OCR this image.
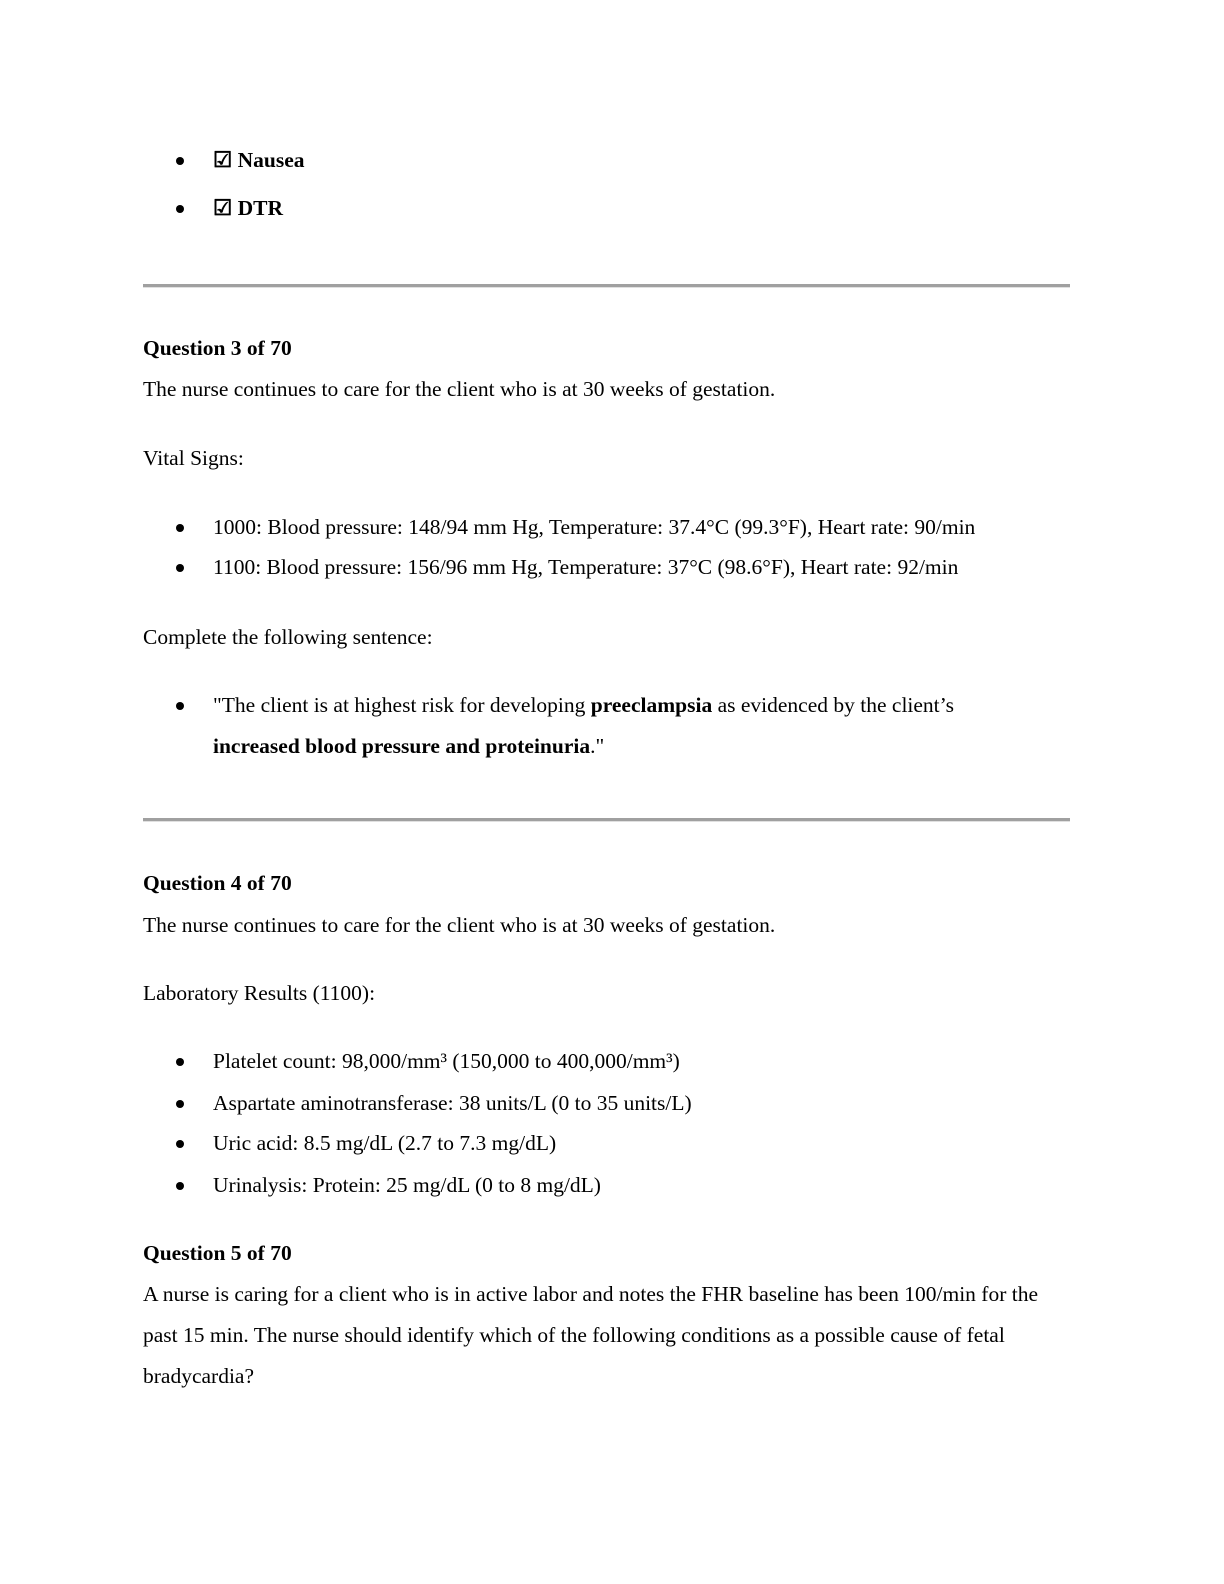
☑ Nausea
☑ DTR
Question 3 of 70
The nurse continues to care for the client who is at 30 weeks of gestation.
Vital Signs:
1000: Blood pressure: 148/94 mm Hg, Temperature: 37.4°C (99.3°F), Heart rate: 90/min
1100: Blood pressure: 156/96 mm Hg, Temperature: 37°C (98.6°F), Heart rate: 92/min
Complete the following sentence:
"The client is at highest risk for developing preeclampsia as evidenced by the client’s increased blood pressure and proteinuria."
Question 4 of 70
The nurse continues to care for the client who is at 30 weeks of gestation.
Laboratory Results (1100):
Platelet count: 98,000/mm³ (150,000 to 400,000/mm³)
Aspartate aminotransferase: 38 units/L (0 to 35 units/L)
Uric acid: 8.5 mg/dL (2.7 to 7.3 mg/dL)
Urinalysis: Protein: 25 mg/dL (0 to 8 mg/dL)
Question 5 of 70
A nurse is caring for a client who is in active labor and notes the FHR baseline has been 100/min for the past 15 min. The nurse should identify which of the following conditions as a possible cause of fetal bradycardia?
